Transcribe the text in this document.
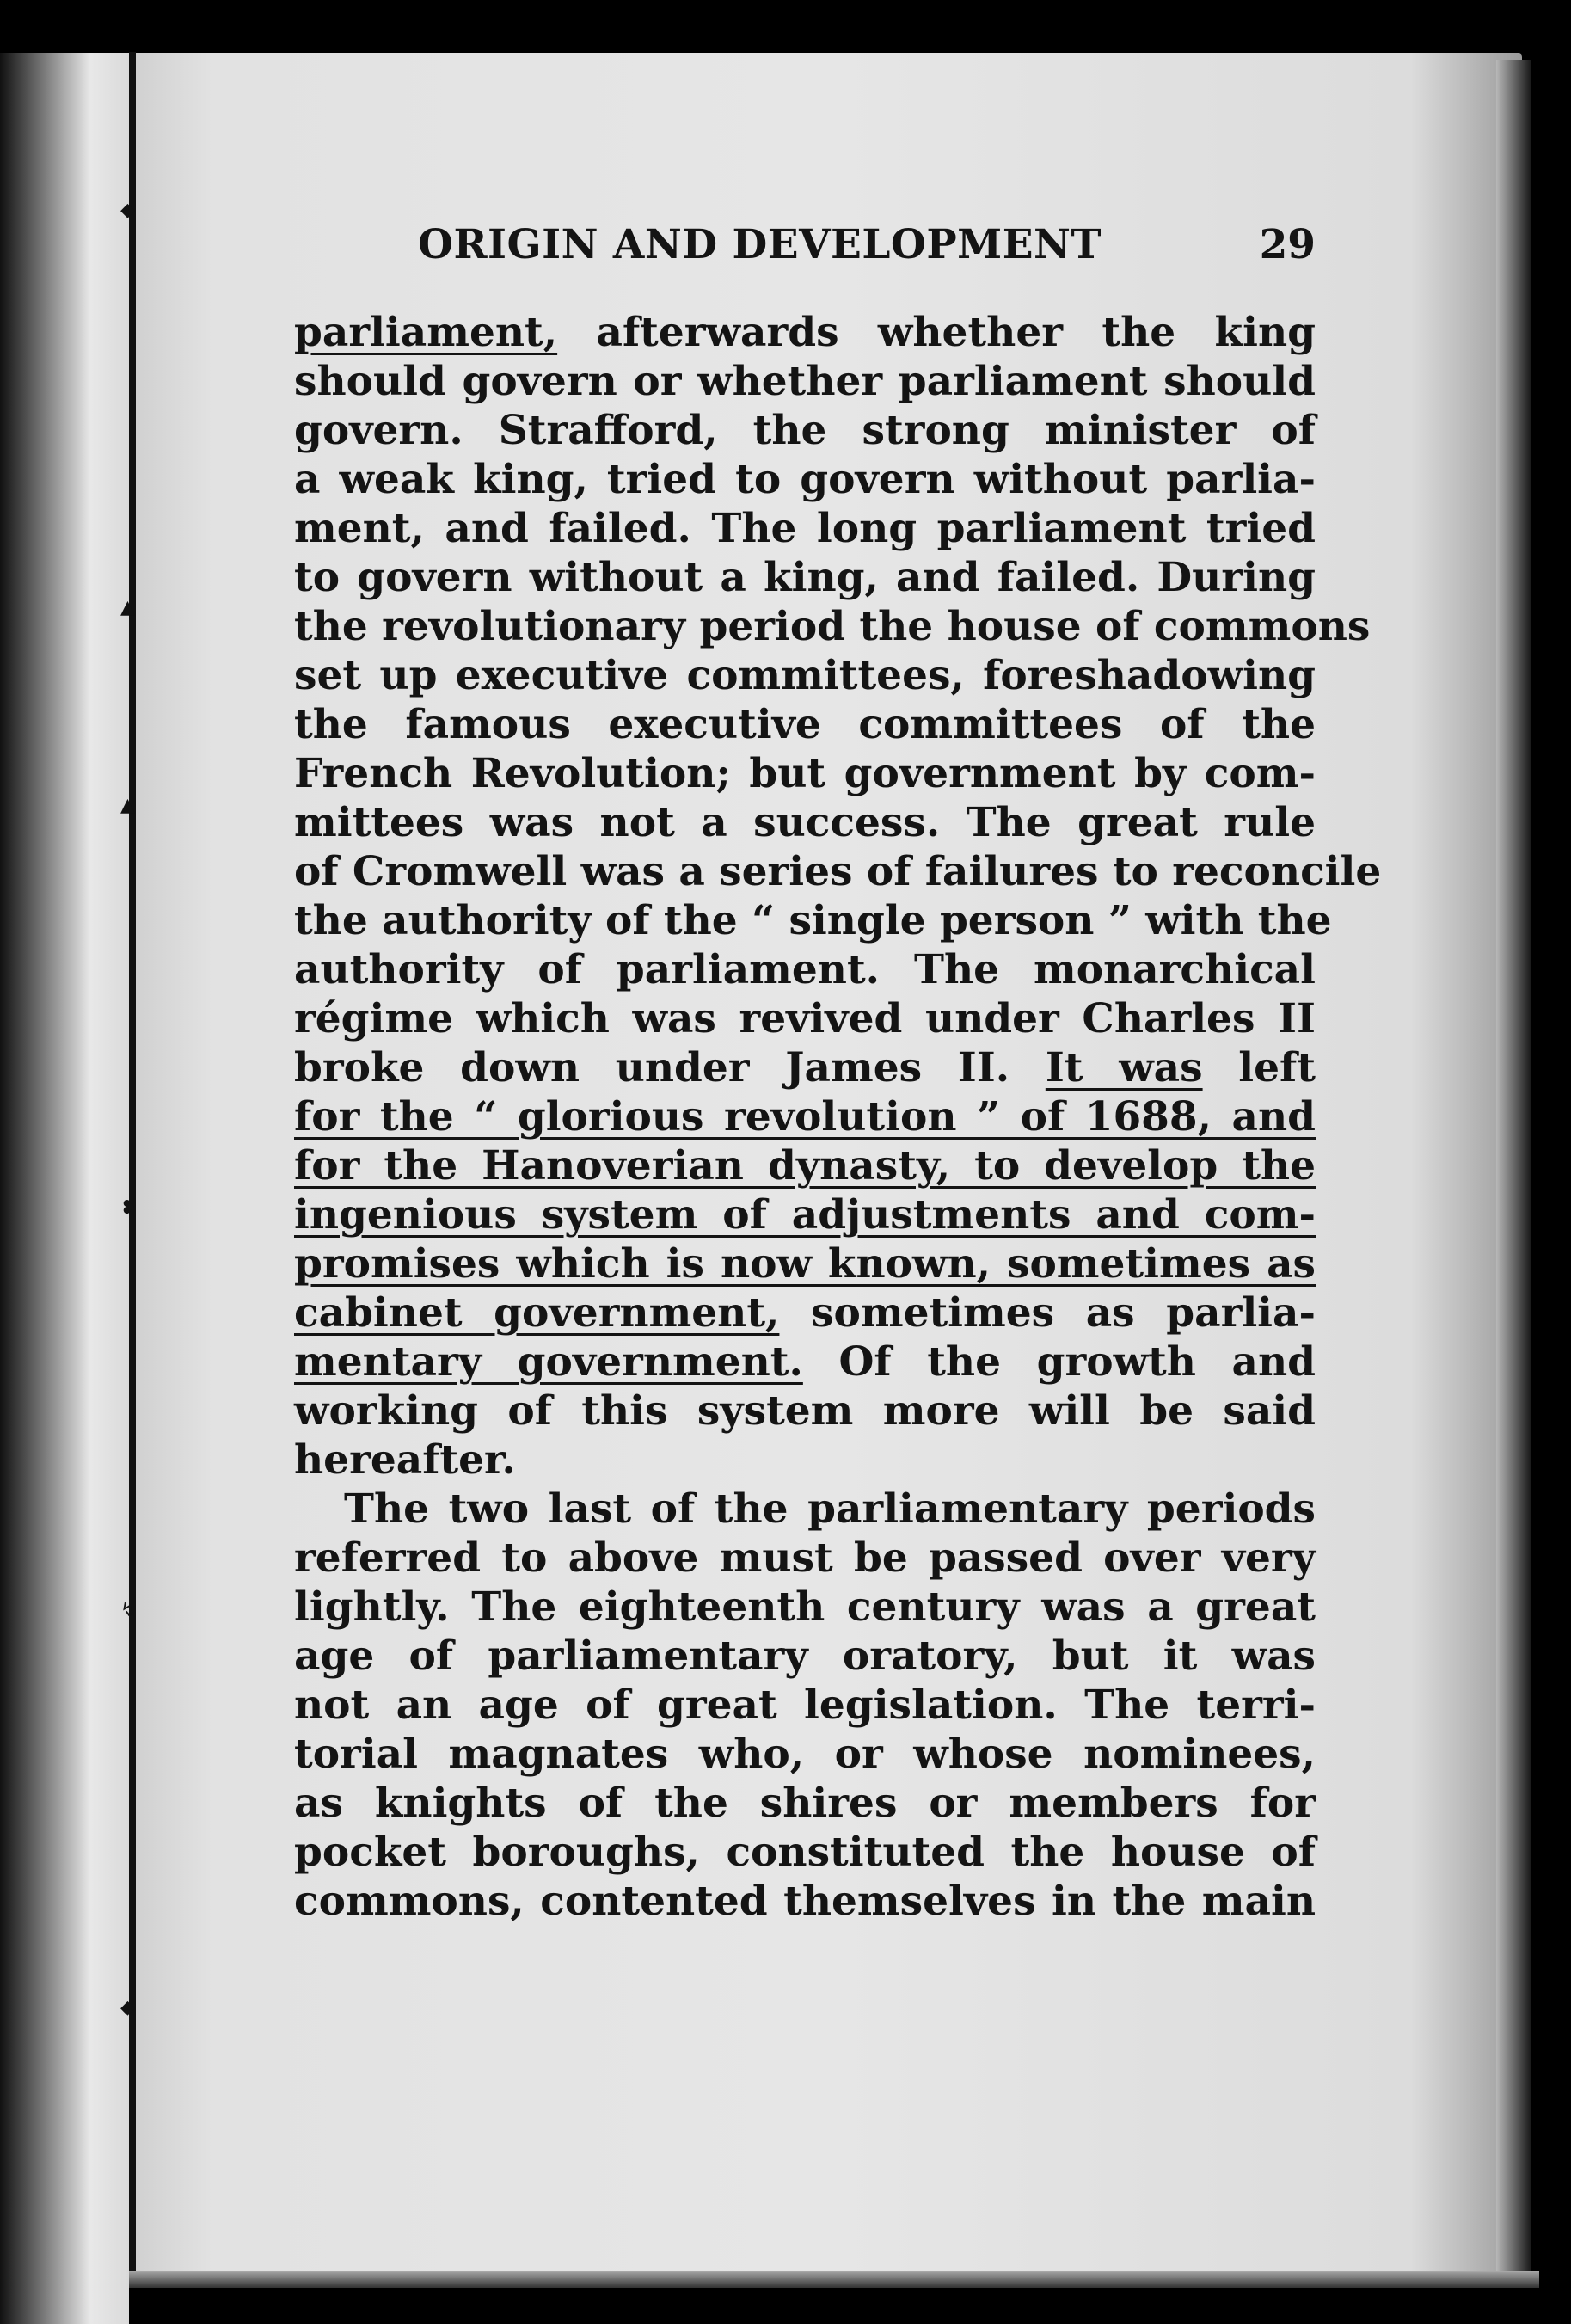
◆
▲
▲
❥
↯
◆
ORIGIN AND DEVELOPMENT	29

parliament, afterwards whether the king
should govern or whether parliament should
govern. Strafford, the strong minister of
a weak king, tried to govern without parlia-
ment, and failed. The long parliament tried
to govern without a king, and failed. During
the revolutionary period the house of commons
set up executive committees, foreshadowing
the famous executive committees of the
French Revolution; but government by com-
mittees was not a success. The great rule
of Cromwell was a series of failures to reconcile
the authority of the “ single person ” with the
authority of parliament. The monarchical
régime which was revived under Charles II
broke down under James II. It was left
for the “ glorious revolution ” of 1688, and
for the Hanoverian dynasty, to develop the
ingenious system of adjustments and com-
promises which is now known, sometimes as
cabinet government, sometimes as parlia-
mentary government. Of the growth and
working of this system more will be said
hereafter.

The two last of the parliamentary periods
referred to above must be passed over very
lightly. The eighteenth century was a great
age of parliamentary oratory, but it was
not an age of great legislation. The terri-
torial magnates who, or whose nominees,
as knights of the shires or members for
pocket boroughs, constituted the house of
commons, contented themselves in the main
